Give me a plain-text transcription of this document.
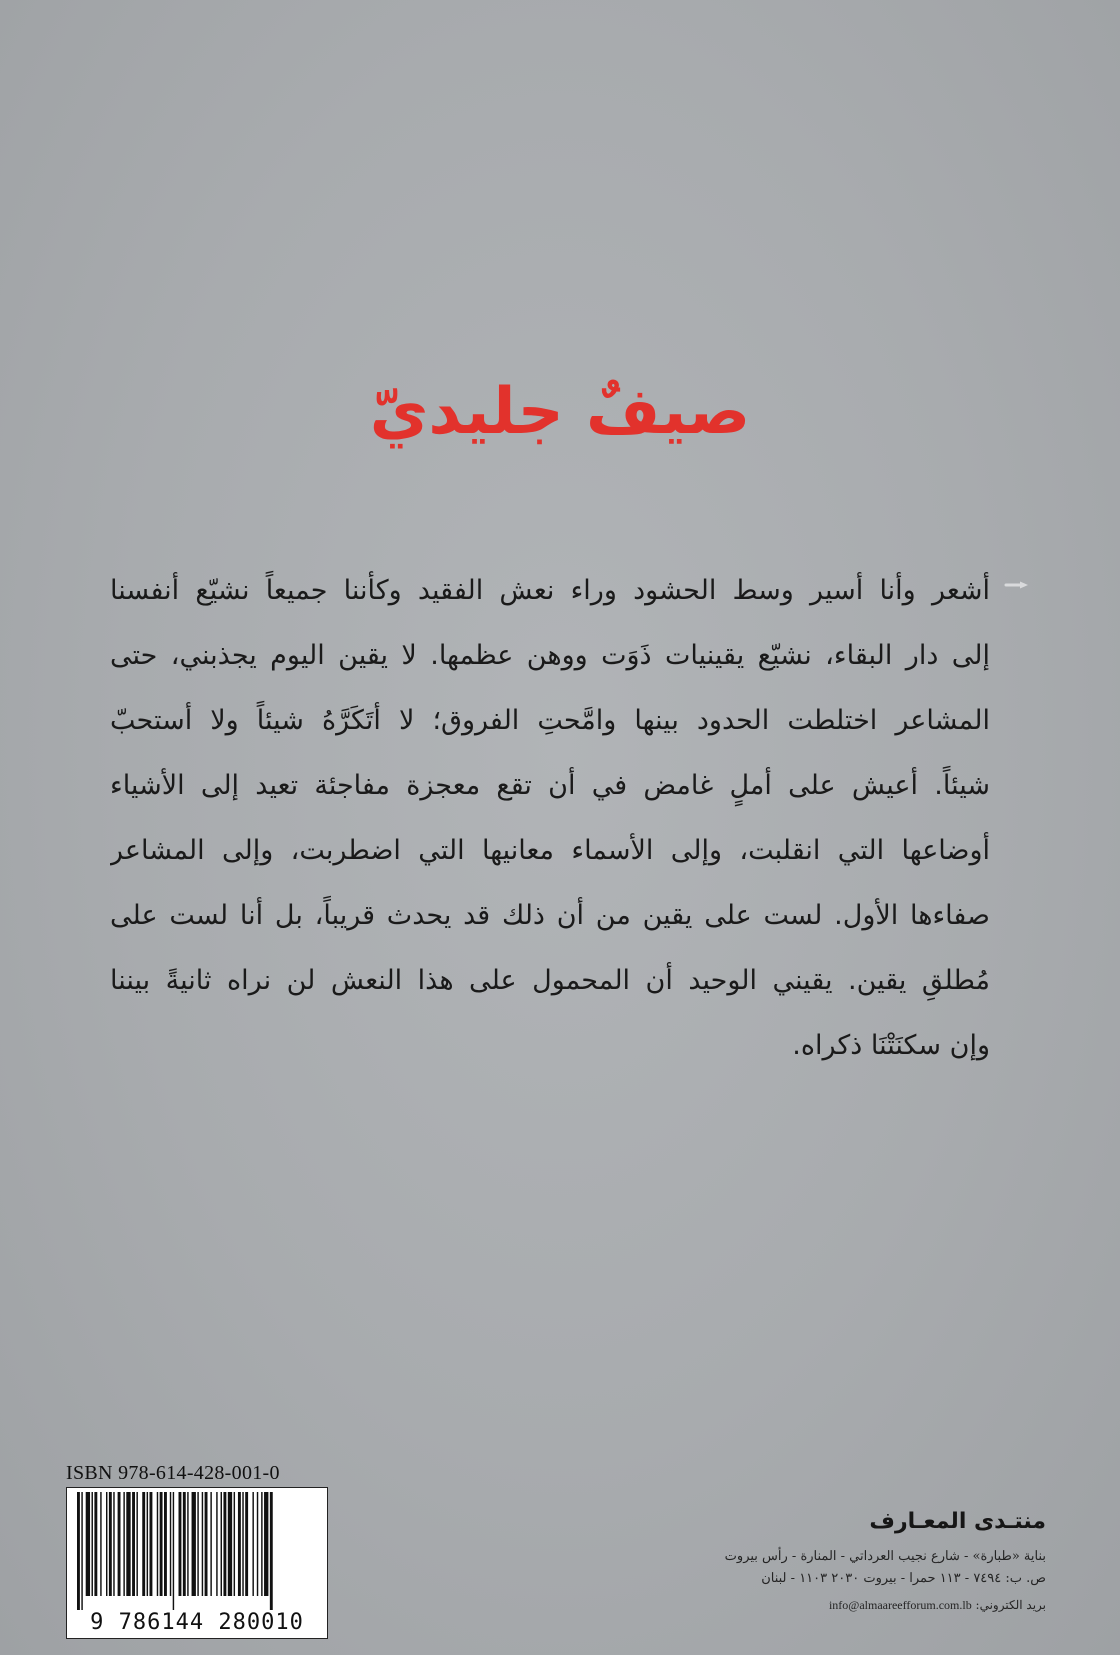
صيفٌ جليديّ
أشعر وأنا أسير وسط الحشود وراء نعش الفقيد وكأننا جميعاً نشيّع أنفسنا
إلى دار البقاء، نشيّع يقينيات ذَوَت ووهن عظمها. لا يقين اليوم يجذبني، حتى
المشاعر اختلطت الحدود بينها وامَّحتِ الفروق؛ لا أتَكَرَّهُ شيئاً ولا أستحبّ
شيئاً. أعيش على أملٍ غامض في أن تقع معجزة مفاجئة تعيد إلى الأشياء
أوضاعها التي انقلبت، وإلى الأسماء معانيها التي اضطربت، وإلى المشاعر
صفاءها الأول. لست على يقين من أن ذلك قد يحدث قريباً، بل أنا لست على
مُطلقِ يقين. يقيني الوحيد أن المحمول على هذا النعش لن نراه ثانيةً بيننا
وإن سكنَتْنَا ذكراه.
ISBN 978-614-428-001-0
9 786144 280010
منتـدى المعـارف
بناية «طبارة» - شارع نجيب العرداتي - المنارة - رأس بيروت
ص. ب: ٧٤٩٤ - ١١٣ حمرا - بيروت ٢٠٣٠ ١١٠٣ - لبنان
بريد الكتروني: info@almaareefforum.com.lb
